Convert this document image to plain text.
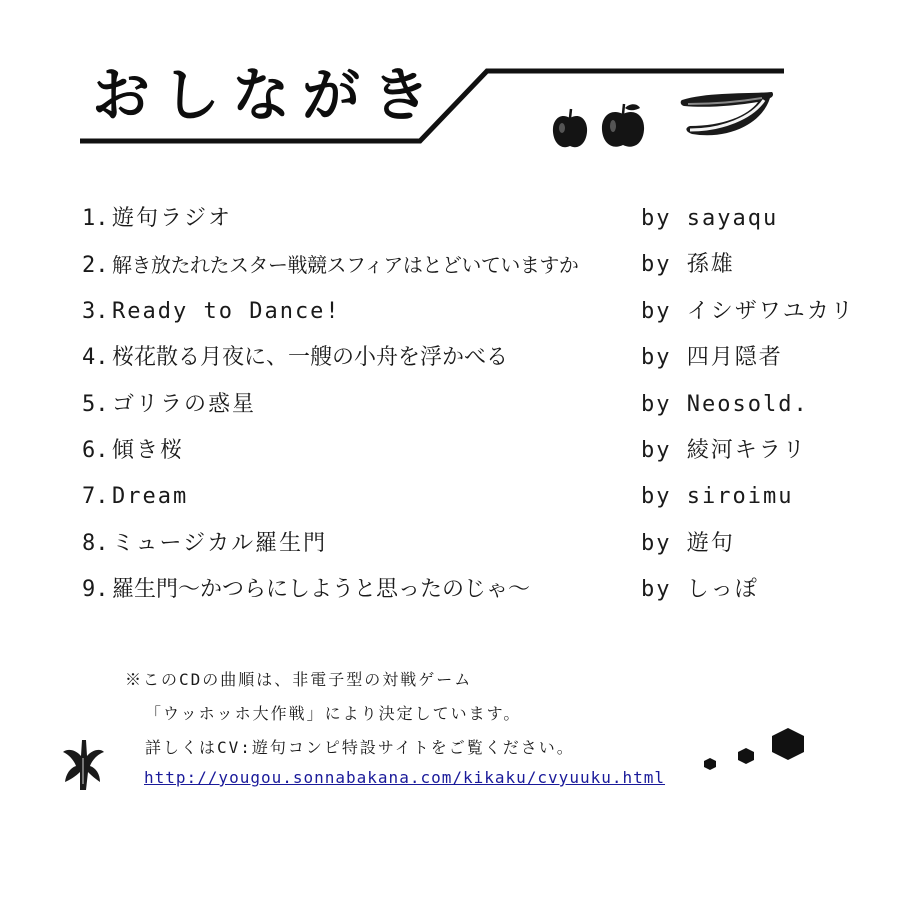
おしながき
1. 遊句ラジオ	by sayaqu
2. 解き放たれたスター戦競スフィアはとどいていますか	by 孫雄
3. Ready to Dance!	by イシザワユカリ
4. 桜花散る月夜に、一艘の小舟を浮かべる	by 四月隠者
5. ゴリラの惑星	by Neosold.
6. 傾き桜	by 綾河キラリ
7. Dream	by siroimu
8. ミュージカル羅生門	by 遊句
9. 羅生門〜かつらにしようと思ったのじゃ〜	by しっぽ
※このCDの曲順は、非電子型の対戦ゲーム
「ウッホッホ大作戦」により決定しています。
詳しくはCV:遊句コンピ特設サイトをご覧ください。
http://yougou.sonnabakana.com/kikaku/cvyuuku.html
